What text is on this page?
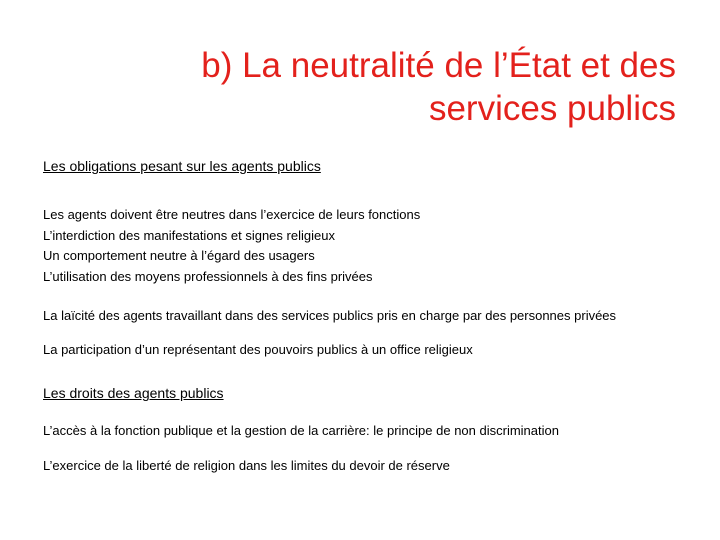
b) La neutralité de l’État et des
services publics
Les obligations pesant sur les agents publics
Les agents doivent être neutres dans l’exercice de leurs fonctions
L’interdiction des manifestations et signes religieux
Un comportement neutre à l’égard des usagers
L’utilisation des moyens professionnels à des fins privées
La laïcité des agents travaillant dans des services publics pris en charge par des personnes privées
La participation d’un représentant des pouvoirs publics à un office religieux
Les droits des agents publics
L’accès à la fonction publique et la gestion de la carrière: le principe de non discrimination
L’exercice de la liberté de religion dans les limites du devoir de réserve
